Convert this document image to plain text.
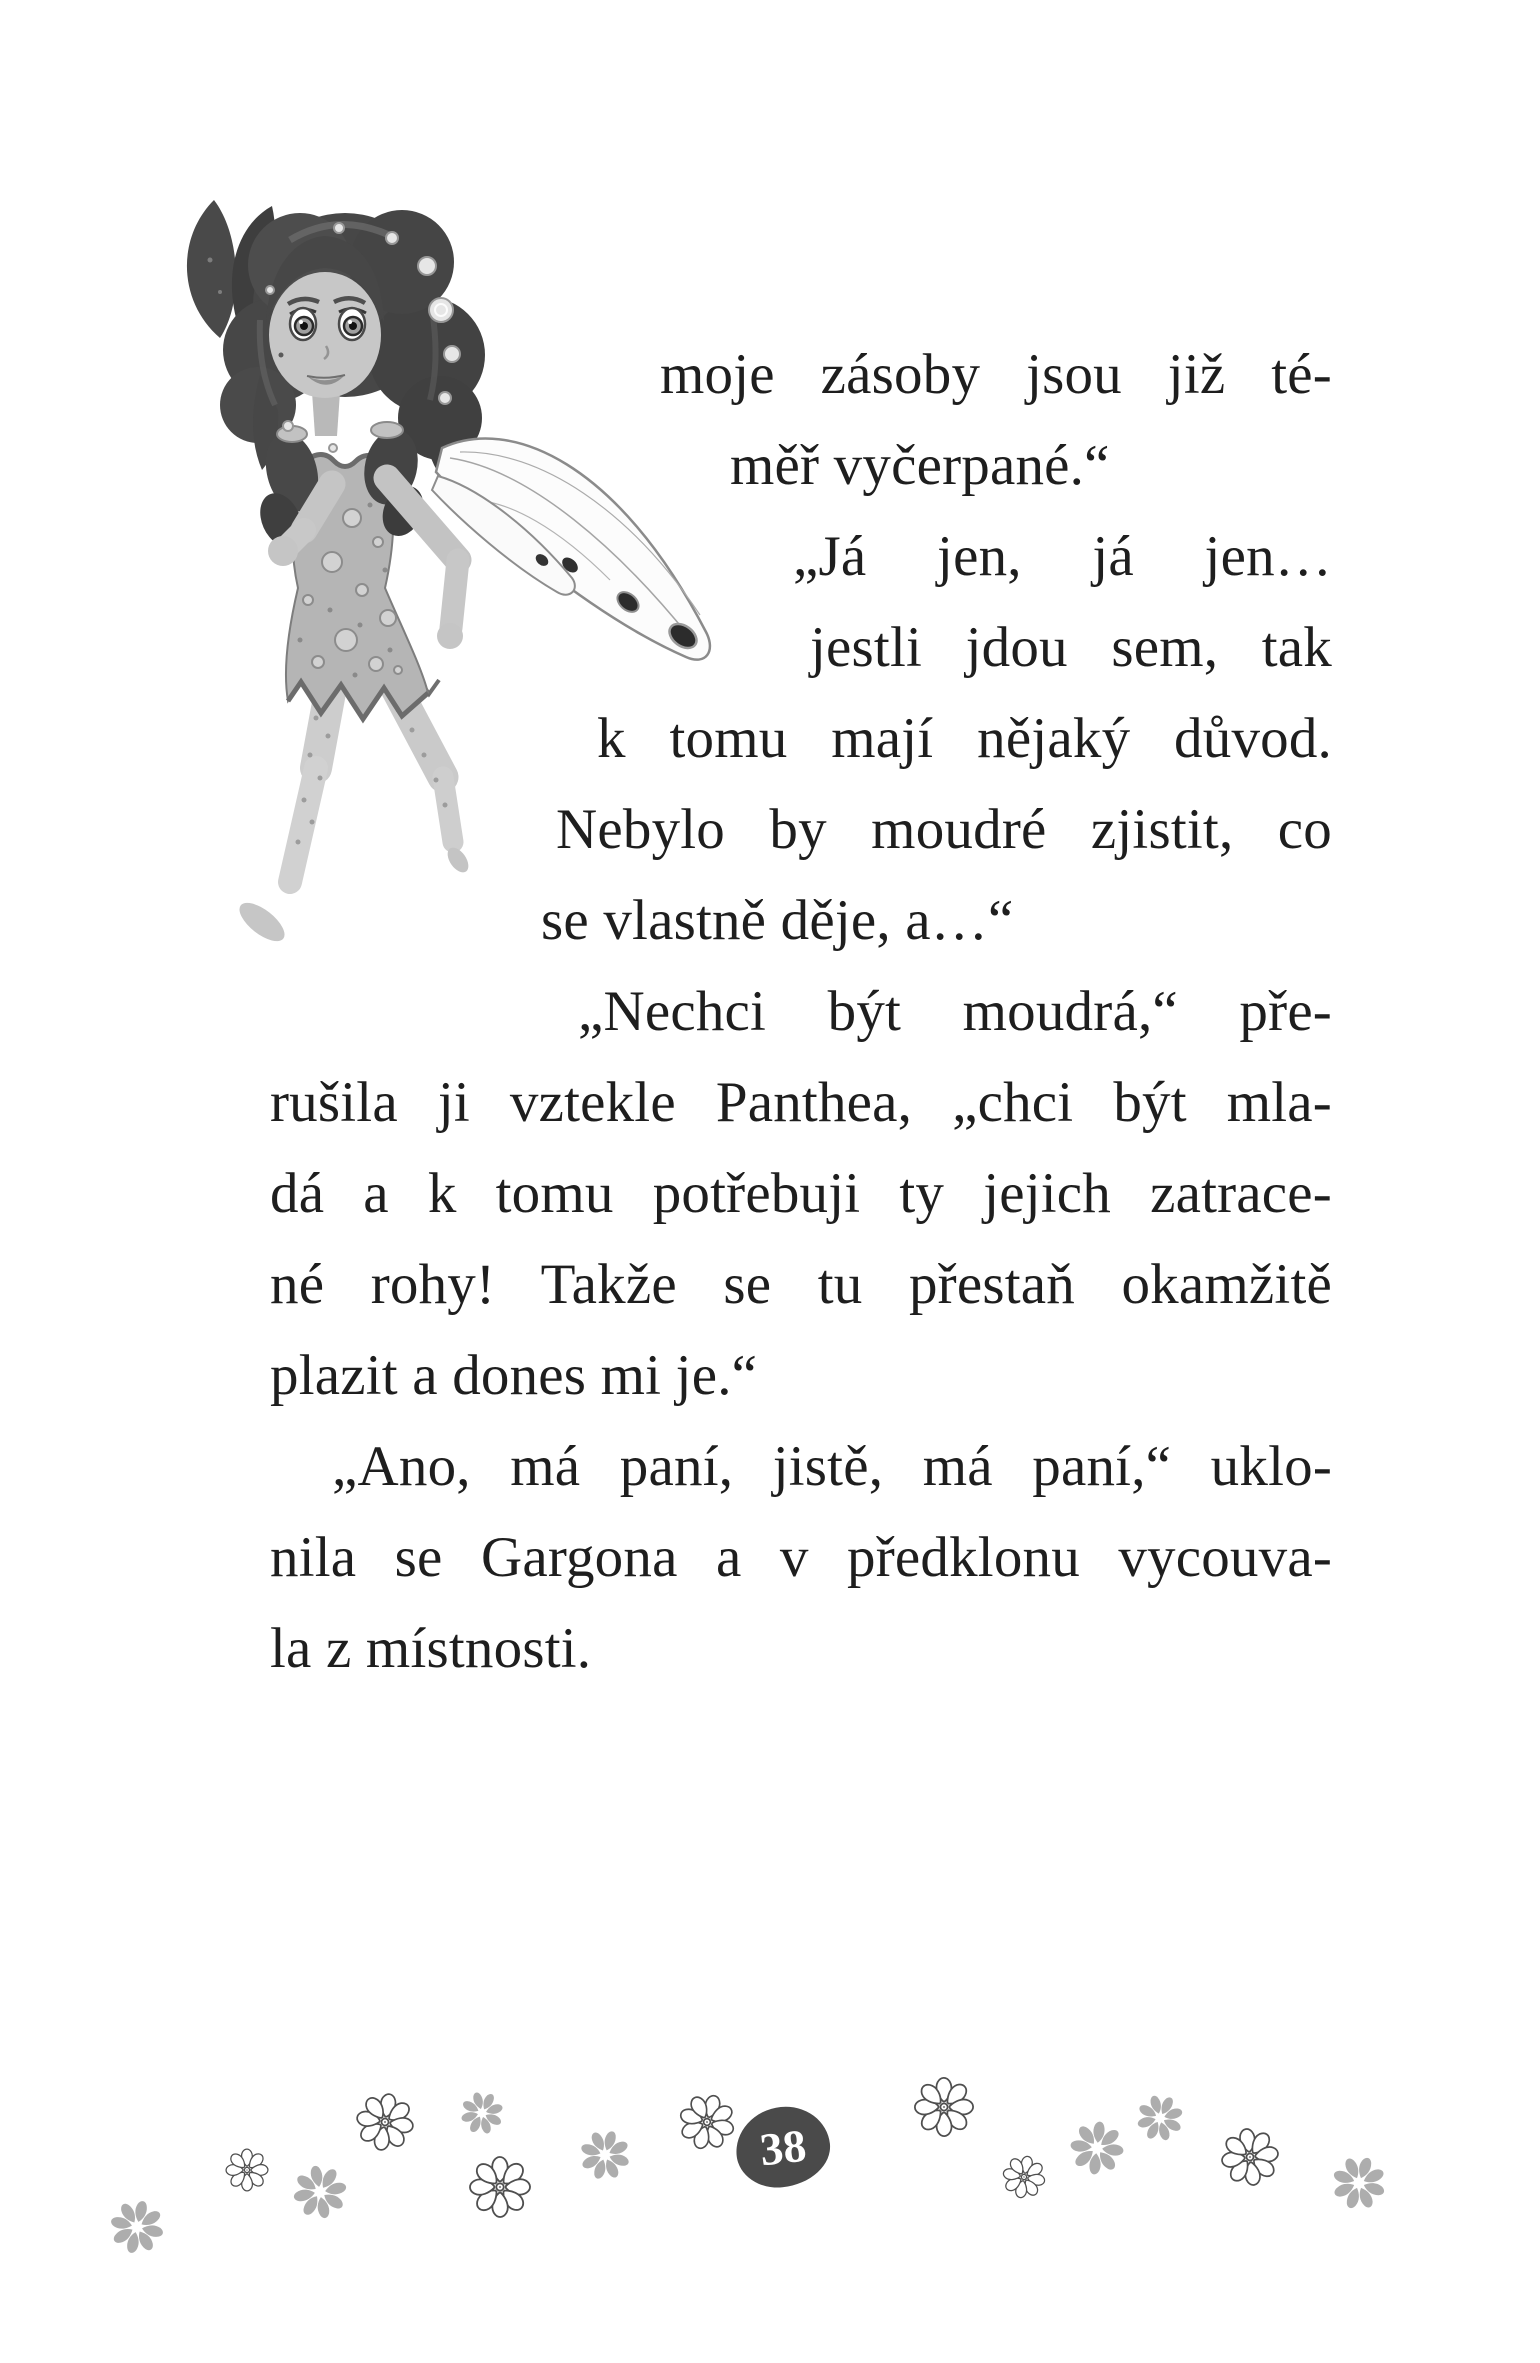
moje zásoby jsou již té-
měř vyčerpané.“
„Já jen, já jen…
jestli jdou sem, tak
k tomu mají nějaký důvod.
Nebylo by moudré zjistit, co
se vlastně děje, a…“
„Nechci být moudrá,“ pře-
rušila ji vztekle Panthea, „chci být mla-
dá a k tomu potřebuji ty jejich zatrace-
né rohy! Takže se tu přestaň okamžitě
plazit a dones mi je.“
„Ano, má paní, jistě, má paní,“ uklo-
nila se Gargona a v předklonu vycouva-
la z místnosti.
38
